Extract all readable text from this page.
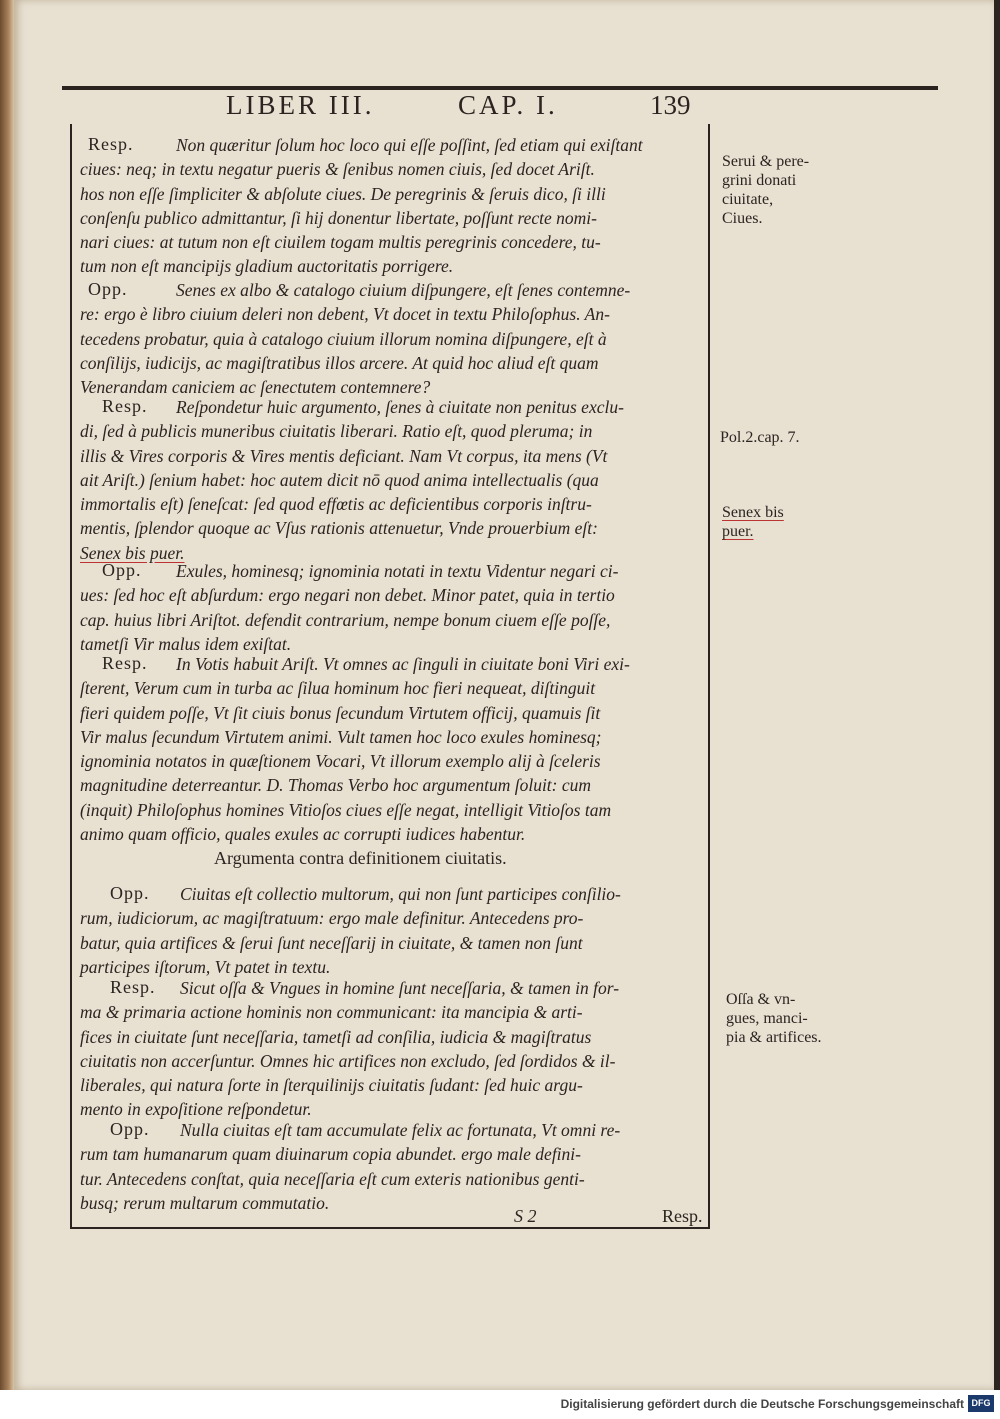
LIBER III.	CAP. I.	139
Resp.	Non quæritur ſolum hoc loco qui eſſe poſſint, ſed etiam qui exiſtant
ciues: neq; in textu negatur pueris & ſenibus nomen ciuis, ſed docet Ariſt.
hos non eſſe ſimpliciter & abſolute ciues. De peregrinis & ſeruis dico, ſi illi
conſenſu publico admittantur, ſi hij donentur libertate, poſſunt recte nomi-
nari ciues: at tutum non eſt ciuilem togam multis peregrinis concedere, tu-
tum non eſt mancipijs gladium auctoritatis porrigere.
Opp.	Senes ex albo & catalogo ciuium diſpungere, eſt ſenes contemne-
re: ergo è libro ciuium deleri non debent, Vt docet in textu Philoſophus. An-
tecedens probatur, quia à catalogo ciuium illorum nomina diſpungere, eſt à
conſilijs, iudicijs, ac magiſtratibus illos arcere. At quid hoc aliud eſt quam
Venerandam caniciem ac ſenectutem contemnere?
Resp.	Reſpondetur huic argumento, ſenes à ciuitate non penitus exclu-
di, ſed à publicis muneribus ciuitatis liberari. Ratio eſt, quod pleruma; in
illis & Vires corporis & Vires mentis deficiant. Nam Vt corpus, ita mens (Vt
ait Ariſt.) ſenium habet: hoc autem dicit nō quod anima intellectualis (qua
immortalis eſt) ſeneſcat: ſed quod effœtis ac deficientibus corporis inſtru-
mentis, ſplendor quoque ac Vſus rationis attenuetur, Vnde prouerbium eſt:
Senex bis puer.
Opp.	Exules, hominesq; ignominia notati in textu Videntur negari ci-
ues: ſed hoc eſt abſurdum: ergo negari non debet. Minor patet, quia in tertio
cap. huius libri Ariſtot. defendit contrarium, nempe bonum ciuem eſſe poſſe,
tametſi Vir malus idem exiſtat.
Resp.	In Votis habuit Ariſt. Vt omnes ac ſinguli in ciuitate boni Viri exi-
ſterent, Verum cum in turba ac ſilua hominum hoc fieri nequeat, diſtinguit
fieri quidem poſſe, Vt ſit ciuis bonus ſecundum Virtutem officij, quamuis ſit
Vir malus ſecundum Virtutem animi. Vult tamen hoc loco exules hominesq;
ignominia notatos in quæſtionem Vocari, Vt illorum exemplo alij à ſceleris
magnitudine deterreantur. D. Thomas Verbo hoc argumentum ſoluit: cum
(inquit) Philoſophus homines Vitioſos ciues eſſe negat, intelligit Vitioſos tam
animo quam officio, quales exules ac corrupti iudices habentur.
Argumenta contra definitionem ciuitatis.
Opp.	Ciuitas eſt collectio multorum, qui non ſunt participes conſilio-
rum, iudiciorum, ac magiſtratuum: ergo male definitur. Antecedens pro-
batur, quia artifices & ſerui ſunt neceſſarij in ciuitate, & tamen non ſunt
participes iſtorum, Vt patet in textu.
Resp.	Sicut oſſa & Vngues in homine ſunt neceſſaria, & tamen in for-
ma & primaria actione hominis non communicant: ita mancipia & arti-
fices in ciuitate ſunt neceſſaria, tametſi ad conſilia, iudicia & magiſtratus
ciuitatis non accerſuntur. Omnes hic artifices non excludo, ſed ſordidos & il-
liberales, qui natura ſorte in ſterquilinijs ciuitatis ſudant: ſed huic argu-
mento in expoſitione reſpondetur.
Opp.	Nulla ciuitas eſt tam accumulate felix ac fortunata, Vt omni re-
rum tam humanarum quam diuinarum copia abundet. ergo male defini-
tur. Antecedens conſtat, quia neceſſaria eſt cum exteris nationibus genti-
busq; rerum multarum commutatio.
S 2	Resp.
Serui & pere-
grini donati
ciuitate,
Ciues.
Pol.2.cap. 7.
Senex bis
puer.
Oſſa & vn-
gues, manci-
pia & artifices.
Digitalisierung gefördert durch die Deutsche Forschungsgemeinschaft DFG
